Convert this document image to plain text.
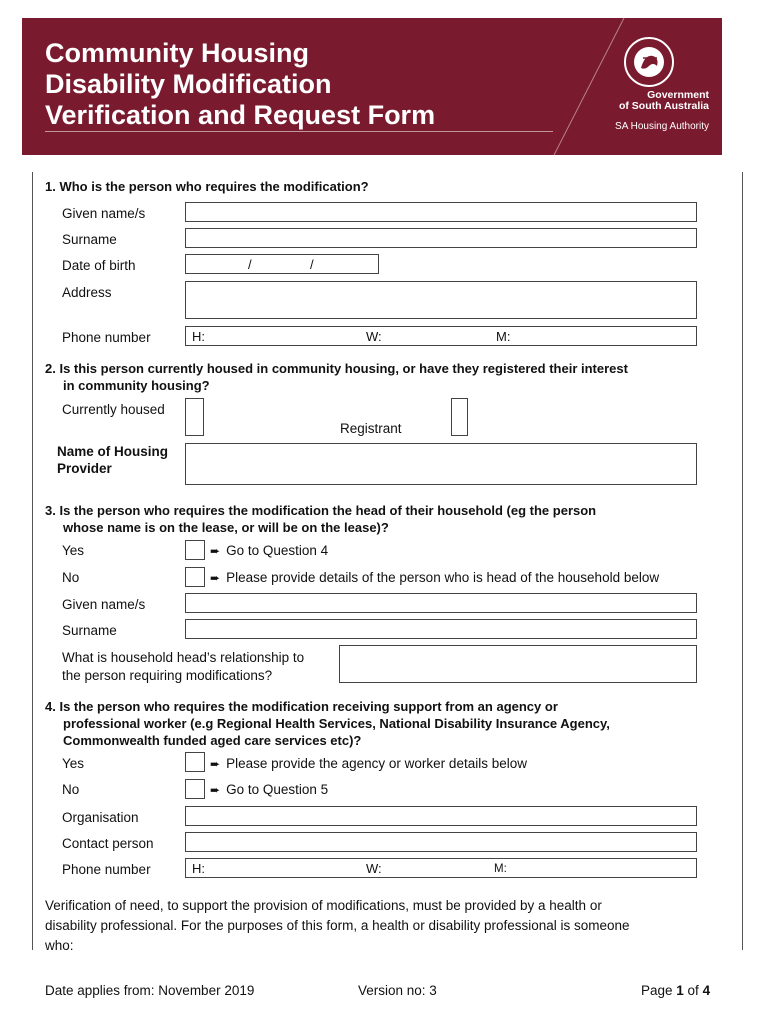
Community Housing
Disability Modification
Verification and Request Form
Government
of South Australia
SA Housing Authority
1. Who is the person who requires the modification?
Given name/s
Surname
Date of birth	/	/
Address
Phone number	H:	W:	M:
2. Is this person currently housed in community housing, or have they registered their interest
in community housing?
Currently housed
Registrant
Name of Housing
Provider
3. Is the person who requires the modification the head of their household (eg the person
whose name is on the lease, or will be on the lease)?
Yes	➨ Go to Question 4
No	➨ Please provide details of the person who is head of the household below
Given name/s
Surname
What is household head’s relationship to
the person requiring modifications?
4. Is the person who requires the modification receiving support from an agency or
professional worker (e.g Regional Health Services, National Disability Insurance Agency,
Commonwealth funded aged care services etc)?
Yes	➨ Please provide the agency or worker details below
No	➨ Go to Question 5
Organisation
Contact person
Phone number	H:	W:	M:
Verification of need, to support the provision of modifications, must be provided by a health or
disability professional. For the purposes of this form, a health or disability professional is someone
who:
Date applies from: November 2019	Version no: 3	Page 1 of 4
